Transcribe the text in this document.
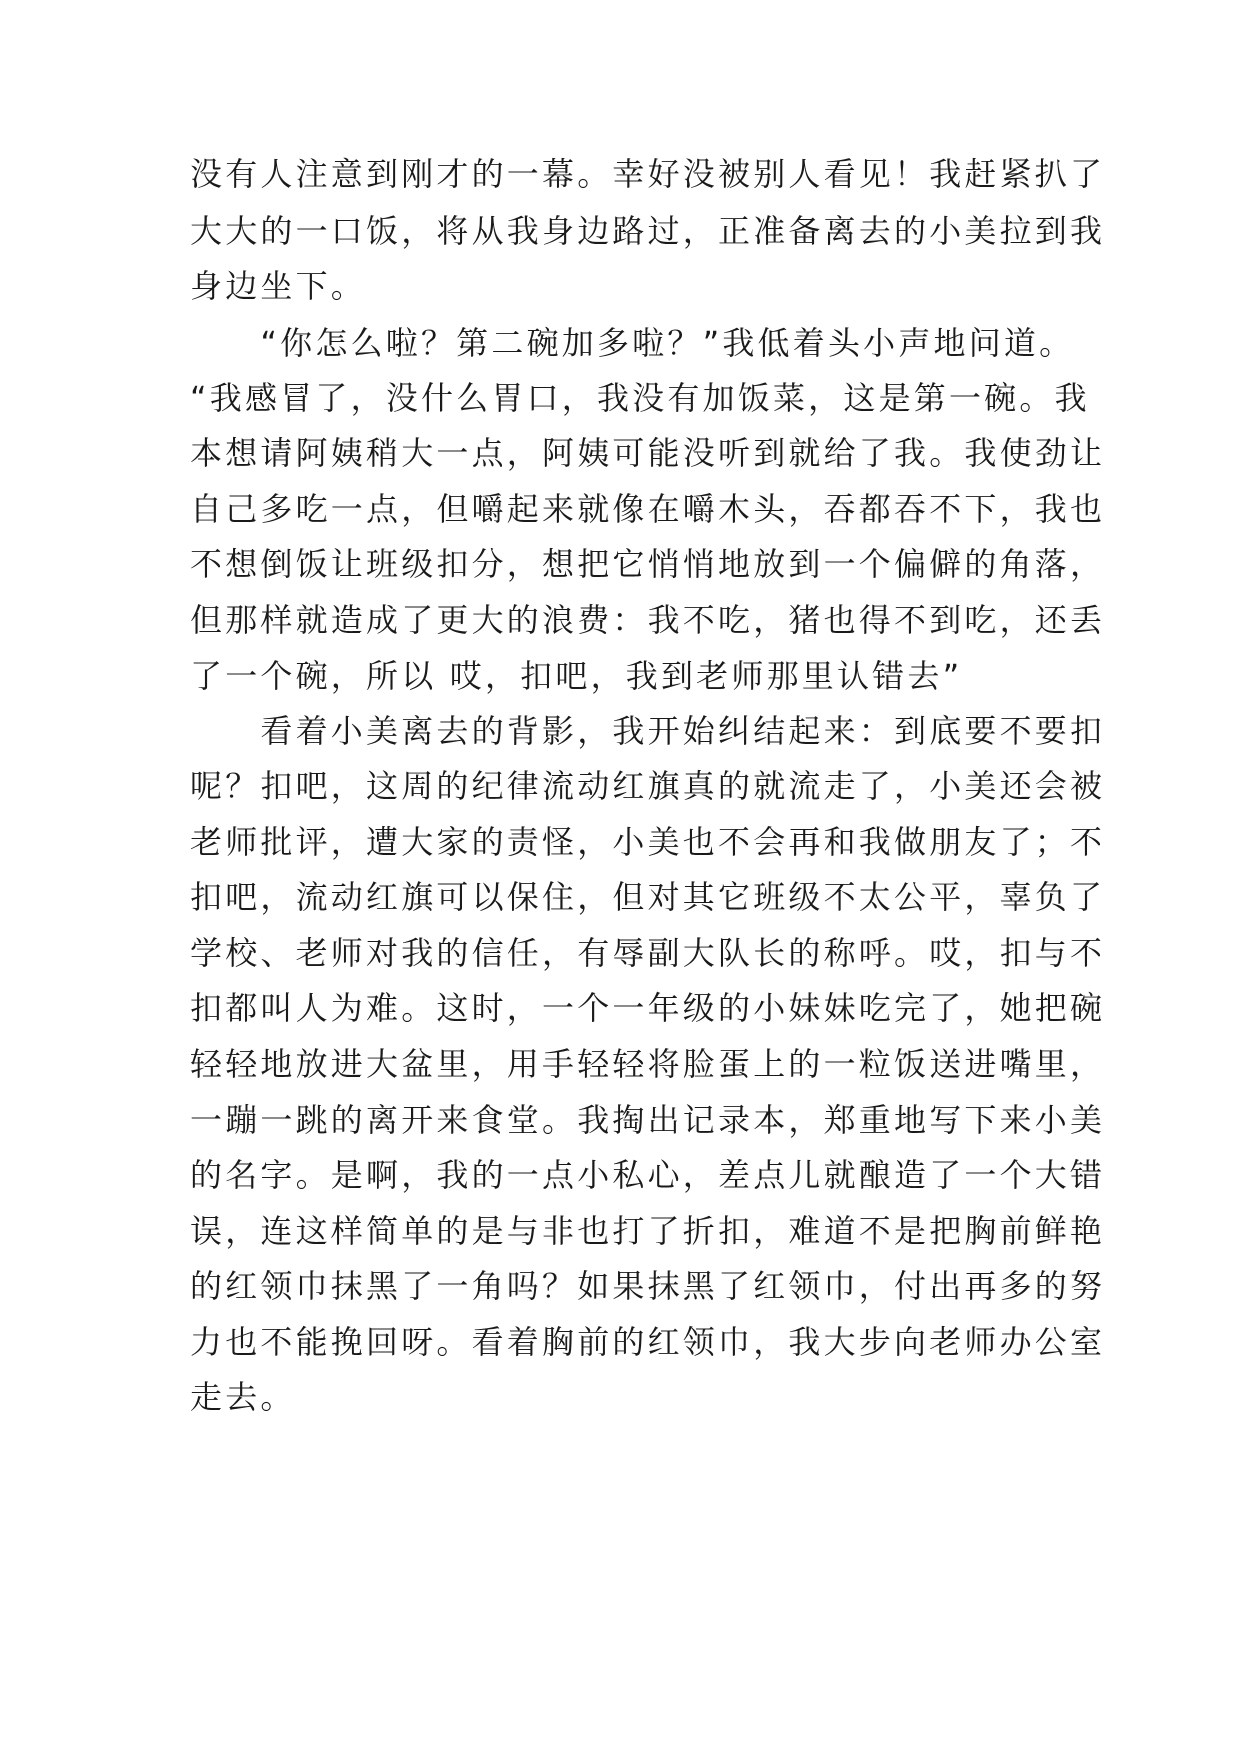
没有人注意到刚才的一幕。幸好没被别人看见！我赶紧扒了
大大的一口饭，将从我身边路过，正准备离去的小美拉到我
身边坐下。
　　“你怎么啦？第二碗加多啦？”我低着头小声地问道。
“我感冒了，没什么胃口，我没有加饭菜，这是第一碗。我
本想请阿姨稍大一点，阿姨可能没听到就给了我。我使劲让
自己多吃一点，但嚼起来就像在嚼木头，吞都吞不下，我也
不想倒饭让班级扣分，想把它悄悄地放到一个偏僻的角落，
但那样就造成了更大的浪费：我不吃，猪也得不到吃，还丢
了一个碗，所以 哎，扣吧，我到老师那里认错去”
　　看着小美离去的背影，我开始纠结起来：到底要不要扣
呢？扣吧，这周的纪律流动红旗真的就流走了，小美还会被
老师批评，遭大家的责怪，小美也不会再和我做朋友了；不
扣吧，流动红旗可以保住，但对其它班级不太公平，辜负了
学校、老师对我的信任，有辱副大队长的称呼。哎，扣与不
扣都叫人为难。这时，一个一年级的小妹妹吃完了，她把碗
轻轻地放进大盆里，用手轻轻将脸蛋上的一粒饭送进嘴里，
一蹦一跳的离开来食堂。我掏出记录本，郑重地写下来小美
的名字。是啊，我的一点小私心，差点儿就酿造了一个大错
误，连这样简单的是与非也打了折扣，难道不是把胸前鲜艳
的红领巾抹黑了一角吗？如果抹黑了红领巾，付出再多的努
力也不能挽回呀。看着胸前的红领巾，我大步向老师办公室
走去。
